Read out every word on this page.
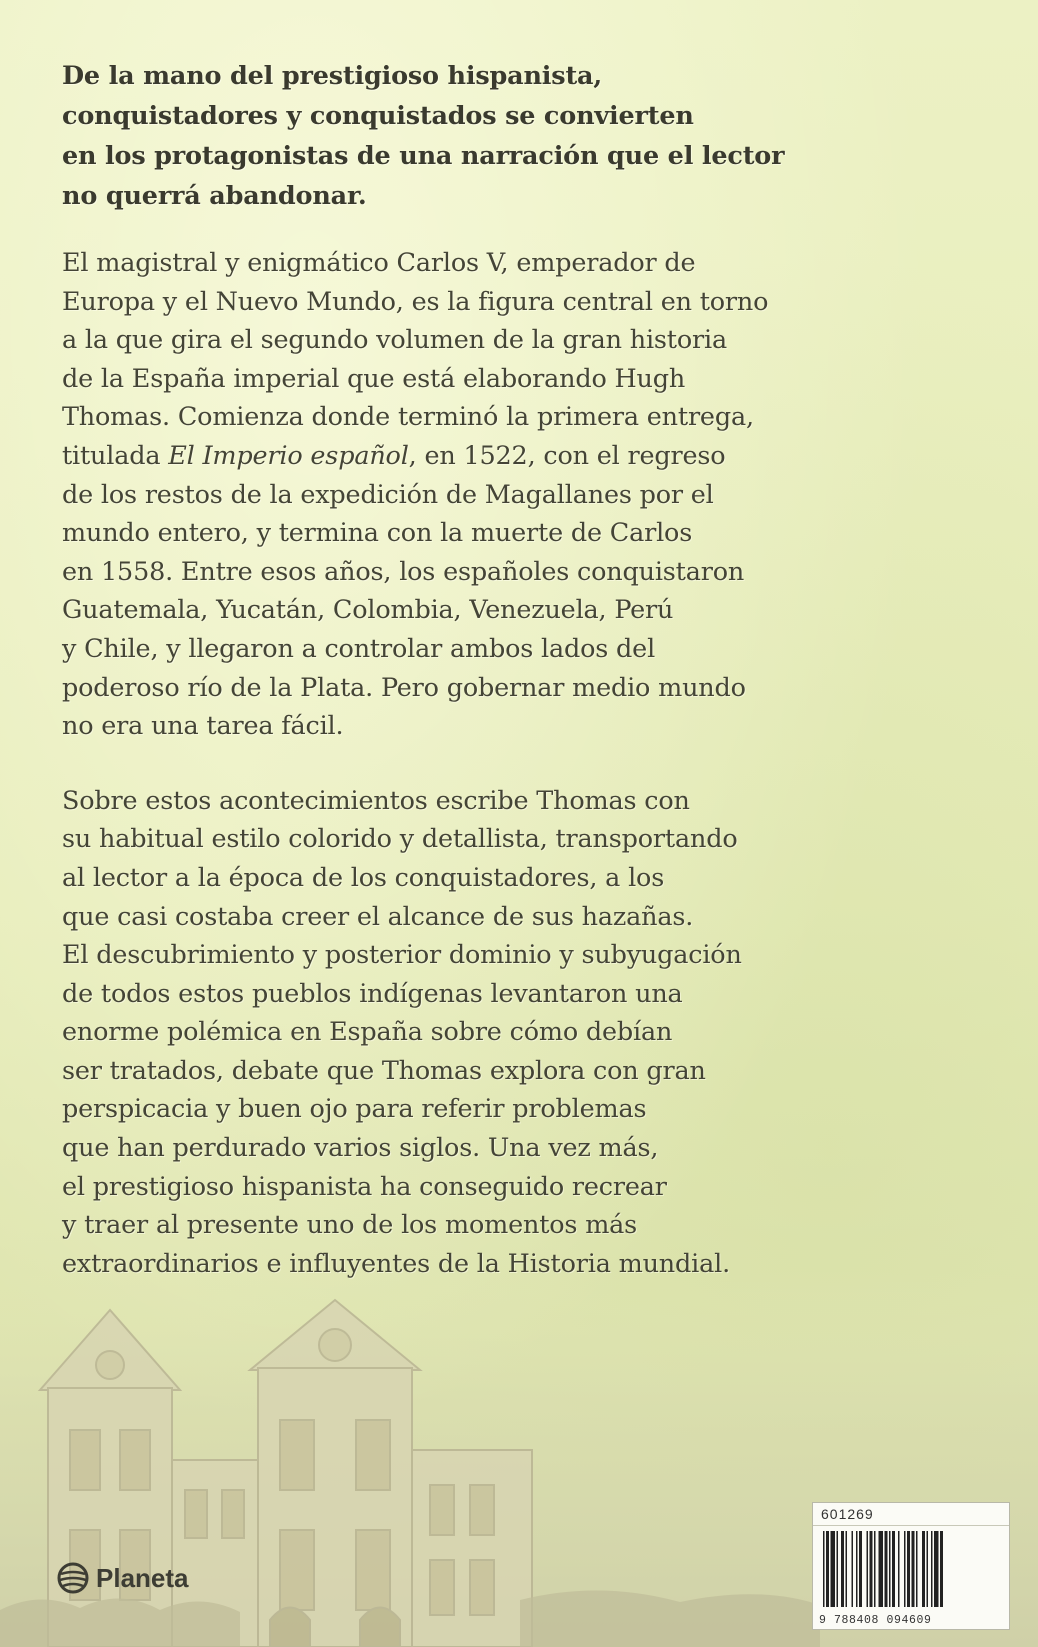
De la mano del prestigioso hispanista,
conquistadores y conquistados se convierten
en los protagonistas de una narración que el lector
no querrá abandonar.
El magistral y enigmático Carlos V, emperador de
Europa y el Nuevo Mundo, es la figura central en torno
a la que gira el segundo volumen de la gran historia
de la España imperial que está elaborando Hugh
Thomas. Comienza donde terminó la primera entrega,
titulada El Imperio español, en 1522, con el regreso
de los restos de la expedición de Magallanes por el
mundo entero, y termina con la muerte de Carlos
en 1558. Entre esos años, los españoles conquistaron
Guatemala, Yucatán, Colombia, Venezuela, Perú
y Chile, y llegaron a controlar ambos lados del
poderoso río de la Plata. Pero gobernar medio mundo
no era una tarea fácil.
Sobre estos acontecimientos escribe Thomas con
su habitual estilo colorido y detallista, transportando
al lector a la época de los conquistadores, a los
que casi costaba creer el alcance de sus hazañas.
El descubrimiento y posterior dominio y subyugación
de todos estos pueblos indígenas levantaron una
enorme polémica en España sobre cómo debían
ser tratados, debate que Thomas explora con gran
perspicacia y buen ojo para referir problemas
que han perdurado varios siglos. Una vez más,
el prestigioso hispanista ha conseguido recrear
y traer al presente uno de los momentos más
extraordinarios e influyentes de la Historia mundial.
Planeta
601269
9 788408 094609
